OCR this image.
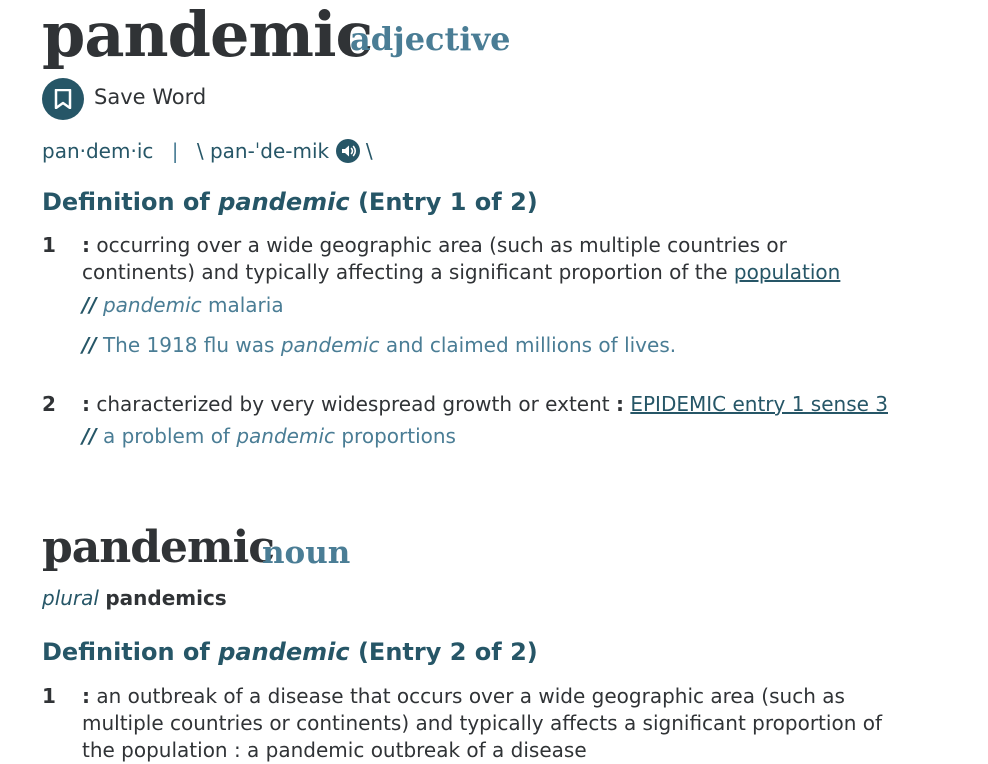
pandemic
adjective
Save Word
pan·dem·ic | \ pan-ˈde-mik \
Definition of pandemic (Entry 1 of 2)
1 : occurring over a wide geographic area (such as multiple countries or
continents) and typically affecting a significant proportion of the population
// pandemic malaria
// The 1918 flu was pandemic and claimed millions of lives.
2 : characterized by very widespread growth or extent : EPIDEMIC entry 1 sense 3
// a problem of pandemic proportions
pandemic
noun
plural pandemics
Definition of pandemic (Entry 2 of 2)
1 : an outbreak of a disease that occurs over a wide geographic area (such as
multiple countries or continents) and typically affects a significant proportion of
the population : a pandemic outbreak of a disease
